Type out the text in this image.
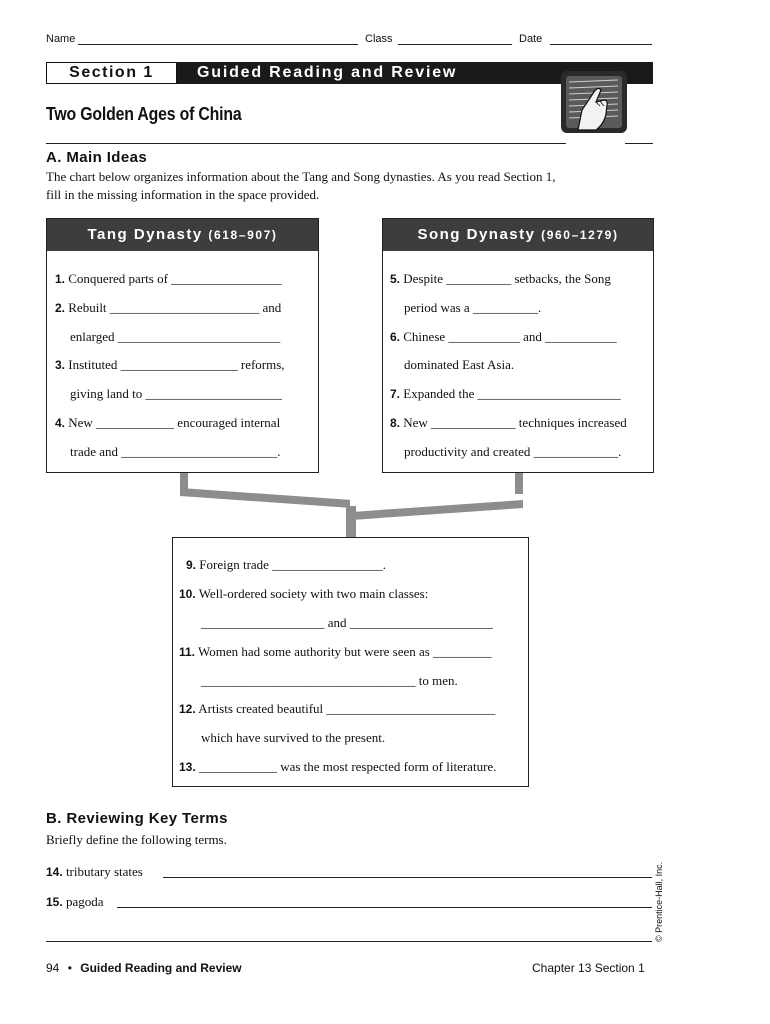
Name	Class	Date
Section 1	Guided Reading and Review
Two Golden Ages of China
A. Main Ideas
The chart below organizes information about the Tang and Song dynasties. As you read Section 1, fill in the missing information in the space provided.
Tang Dynasty (618–907)
1. Conquered parts of _________________
2. Rebuilt _______________________ and
enlarged _________________________
3. Instituted __________________ reforms,
giving land to _____________________
4. New ____________ encouraged internal
trade and ________________________.
Song Dynasty (960–1279)
5. Despite __________ setbacks, the Song
period was a __________.
6. Chinese ___________ and ___________
dominated East Asia.
7. Expanded the ______________________
8. New _____________ techniques increased
productivity and created _____________.
9. Foreign trade _________________.
10. Well-ordered society with two main classes:
___________________ and ______________________
11. Women had some authority but were seen as _________
_________________________________ to men.
12. Artists created beautiful __________________________
which have survived to the present.
13. ____________ was the most respected form of literature.
B. Reviewing Key Terms
Briefly define the following terms.
14. tributary states
15. pagoda	© Prentice-Hall, Inc.
94 • Guided Reading and Review	Chapter 13 Section 1
